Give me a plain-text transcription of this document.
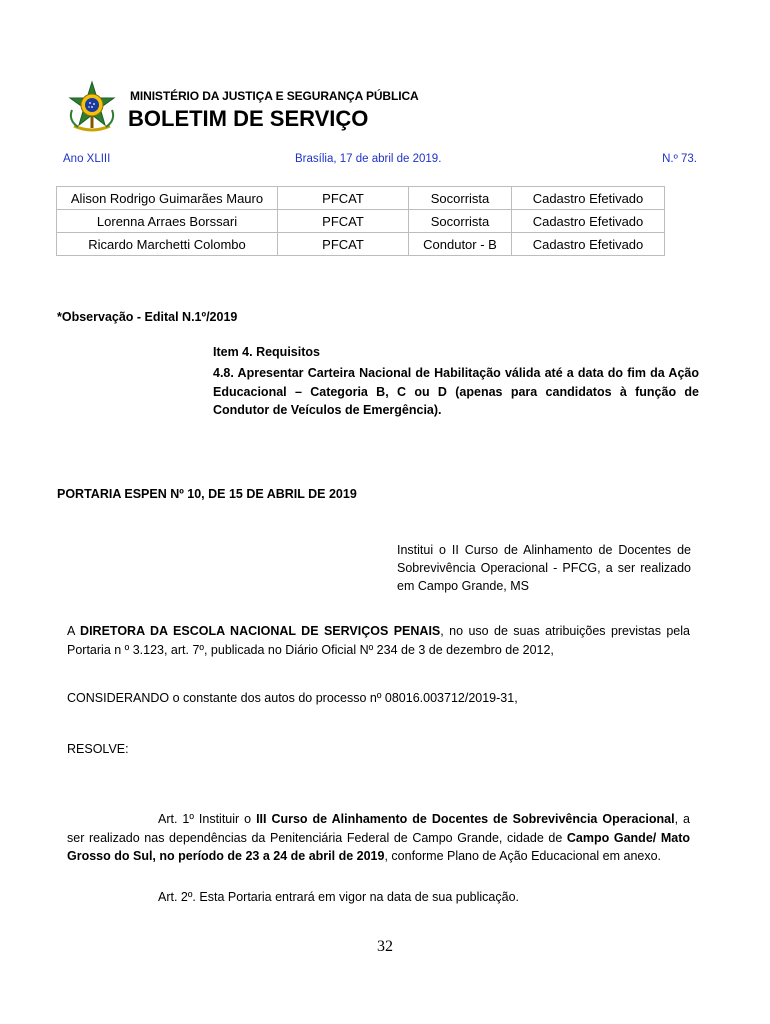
MINISTÉRIO DA JUSTIÇA E SEGURANÇA PÚBLICA
BOLETIM DE SERVIÇO
Ano XLIII	Brasília, 17 de abril de 2019.	N.º 73.
Alison Rodrigo Guimarães Mauro	PFCAT	Socorrista	Cadastro Efetivado
Lorenna Arraes Borssari	PFCAT	Socorrista	Cadastro Efetivado
Ricardo Marchetti Colombo	PFCAT	Condutor - B	Cadastro Efetivado
*Observação - Edital N.1º/2019
Item 4. Requisitos
4.8. Apresentar Carteira Nacional de Habilitação válida até a data do fim da Ação Educacional – Categoria B, C ou D (apenas para candidatos à função de Condutor de Veículos de Emergência).
PORTARIA ESPEN Nº 10, DE 15 DE ABRIL DE 2019
Institui o II Curso de Alinhamento de Docentes de Sobrevivência Operacional - PFCG, a ser realizado em Campo Grande, MS
A DIRETORA DA ESCOLA NACIONAL DE SERVIÇOS PENAIS, no uso de suas atribuições previstas pela Portaria n º 3.123, art. 7º, publicada no Diário Oficial Nº 234 de 3 de dezembro de 2012,
CONSIDERANDO o constante dos autos do processo nº 08016.003712/2019-31,
RESOLVE:
Art. 1º Instituir o III Curso de Alinhamento de Docentes de Sobrevivência Operacional, a ser realizado nas dependências da Penitenciária Federal de Campo Grande, cidade de Campo Gande/ Mato Grosso do Sul, no período de 23 a 24 de abril de 2019, conforme Plano de Ação Educacional em anexo.
Art. 2º. Esta Portaria entrará em vigor na data de sua publicação.
32
